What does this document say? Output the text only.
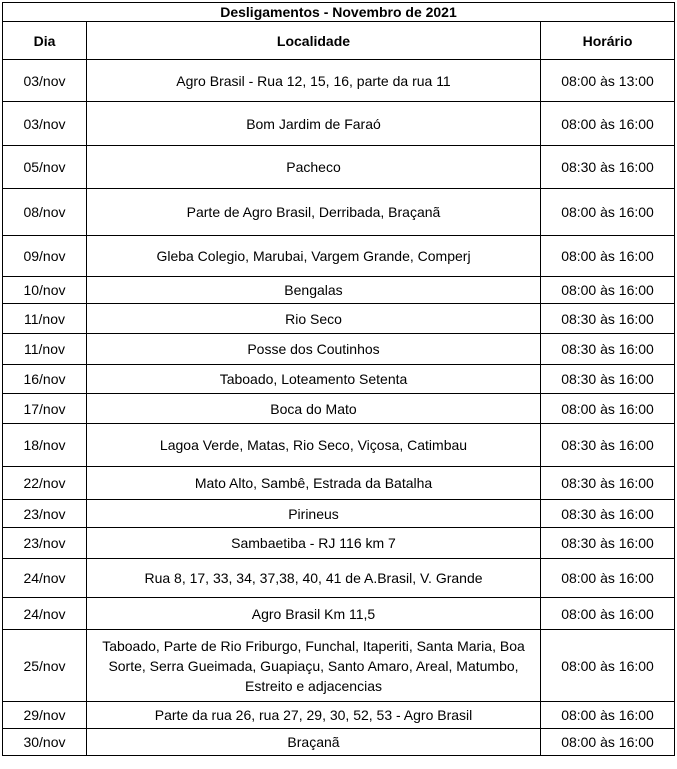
Desligamentos - Novembro de 2021		
Dia	Localidade	Horário
03/nov	Agro Brasil - Rua 12, 15, 16, parte da rua 11	08:00 às 13:00
03/nov	Bom Jardim de Faraó	08:00 às 16:00
05/nov	Pacheco	08:30 às 16:00
08/nov	Parte de Agro Brasil, Derribada, Braçanã	08:00 às 16:00
09/nov	Gleba Colegio, Marubai, Vargem Grande, Comperj	08:00 às 16:00
10/nov	Bengalas	08:00 às 16:00
11/nov	Rio Seco	08:30 às 16:00
11/nov	Posse dos Coutinhos	08:30 às 16:00
16/nov	Taboado, Loteamento Setenta	08:30 às 16:00
17/nov	Boca do Mato	08:00 às 16:00
18/nov	Lagoa Verde, Matas, Rio Seco, Viçosa, Catimbau	08:30 às 16:00
22/nov	Mato Alto, Sambê, Estrada da Batalha	08:30 às 16:00
23/nov	Pirineus	08:30 às 16:00
23/nov	Sambaetiba - RJ 116 km 7	08:30 às 16:00
24/nov	Rua 8, 17, 33, 34, 37,38, 40, 41 de A.Brasil, V. Grande	08:00 às 16:00
24/nov	Agro Brasil Km 11,5	08:00 às 16:00
25/nov	Taboado, Parte de Rio Friburgo, Funchal, Itaperiti, Santa Maria, Boa Sorte, Serra Gueimada, Guapiaçu, Santo Amaro, Areal, Matumbo, Estreito e adjacencias	08:00 às 16:00
29/nov	Parte da rua 26, rua 27, 29, 30, 52, 53 - Agro Brasil	08:00 às 16:00
30/nov	Braçanã	08:00 às 16:00
